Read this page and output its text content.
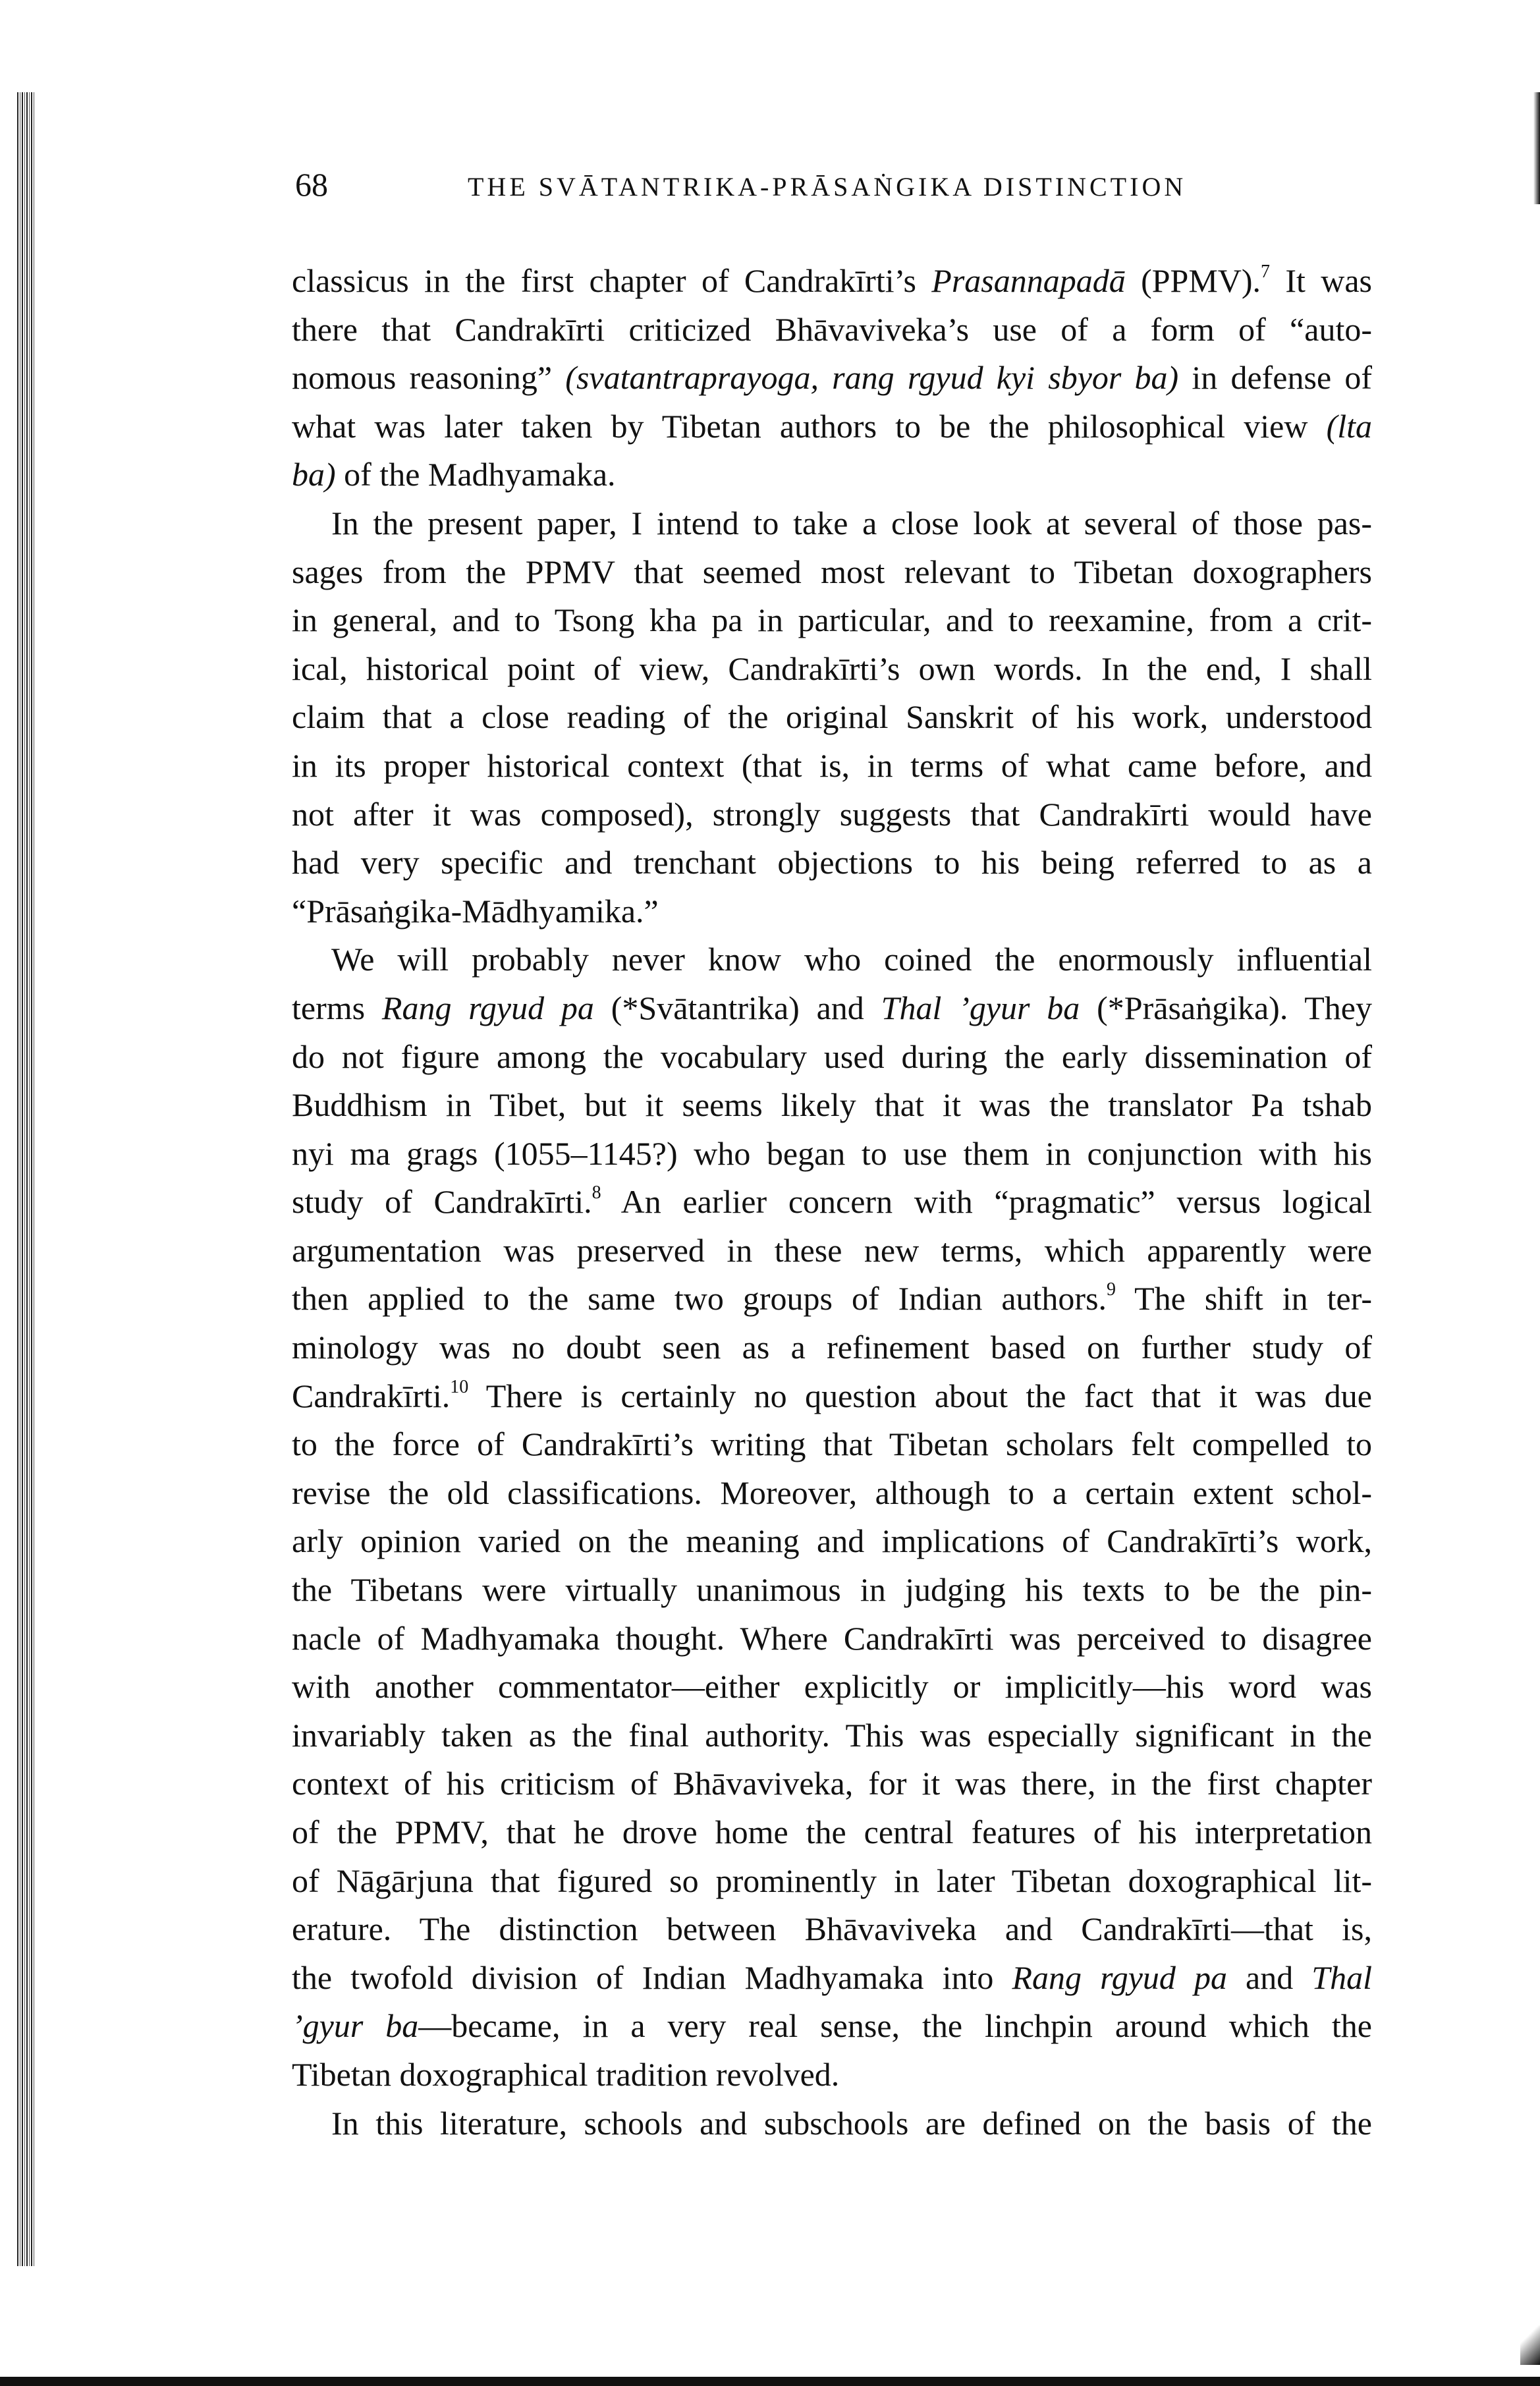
68	THE SVĀTANTRIKA-PRĀSAṄGIKA DISTINCTION
classicus in the first chapter of Candrakīrti’s Prasannapadā (PPMV).$^7$ It was
there that Candrakīrti criticized Bhāvaviveka’s use of a form of “auto-
nomous reasoning” (svatantraprayoga, rang rgyud kyi sbyor ba) in defense of
what was later taken by Tibetan authors to be the philosophical view (lta
ba) of the Madhyamaka.
In the present paper, I intend to take a close look at several of those pas-
sages from the PPMV that seemed most relevant to Tibetan doxographers
in general, and to Tsong kha pa in particular, and to reexamine, from a crit-
ical, historical point of view, Candrakīrti’s own words. In the end, I shall
claim that a close reading of the original Sanskrit of his work, understood
in its proper historical context (that is, in terms of what came before, and
not after it was composed), strongly suggests that Candrakīrti would have
had very specific and trenchant objections to his being referred to as a
“Prāsaṅgika-Mādhyamika.”
We will probably never know who coined the enormously influential
terms Rang rgyud pa (*Svātantrika) and Thal ’gyur ba (*Prāsaṅgika). They
do not figure among the vocabulary used during the early dissemination of
Buddhism in Tibet, but it seems likely that it was the translator Pa tshab
nyi ma grags (1055–1145?) who began to use them in conjunction with his
study of Candrakīrti.$^8$ An earlier concern with “pragmatic” versus logical
argumentation was preserved in these new terms, which apparently were
then applied to the same two groups of Indian authors.$^9$ The shift in ter-
minology was no doubt seen as a refinement based on further study of
Candrakīrti.$^{10}$ There is certainly no question about the fact that it was due
to the force of Candrakīrti’s writing that Tibetan scholars felt compelled to
revise the old classifications. Moreover, although to a certain extent schol-
arly opinion varied on the meaning and implications of Candrakīrti’s work,
the Tibetans were virtually unanimous in judging his texts to be the pin-
nacle of Madhyamaka thought. Where Candrakīrti was perceived to disagree
with another commentator—either explicitly or implicitly—his word was
invariably taken as the final authority. This was especially significant in the
context of his criticism of Bhāvaviveka, for it was there, in the first chapter
of the PPMV, that he drove home the central features of his interpretation
of Nāgārjuna that figured so prominently in later Tibetan doxographical lit-
erature. The distinction between Bhāvaviveka and Candrakīrti—that is,
the twofold division of Indian Madhyamaka into Rang rgyud pa and Thal
’gyur ba—became, in a very real sense, the linchpin around which the
Tibetan doxographical tradition revolved.
In this literature, schools and subschools are defined on the basis of the
